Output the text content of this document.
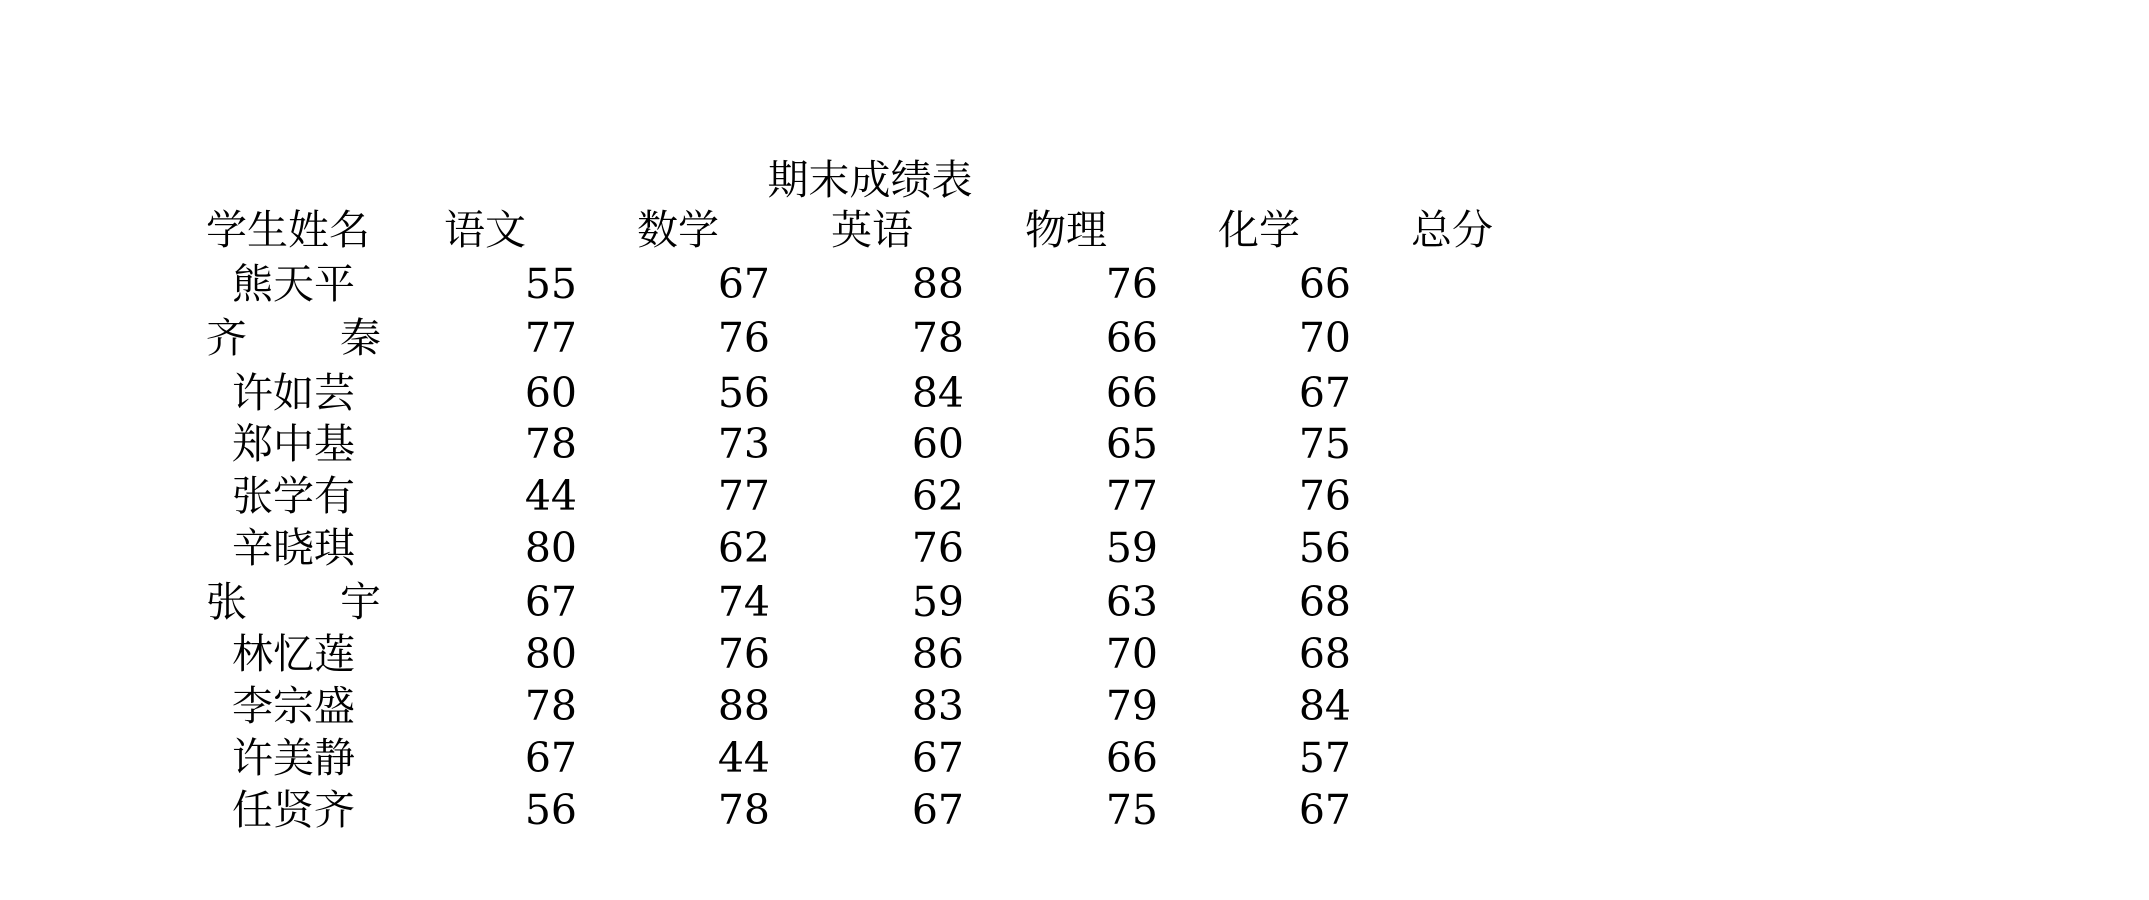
期末成绩表
学生姓名 语文	数学	英语	物理	化学	总分
熊天平	55	67	88	76	66
齐　　秦	77	76	78	66	70
许如芸	60	56	84	66	67
郑中基	78	73	60	65	75
张学有	44	77	62	77	76
辛晓琪	80	62	76	59	56
张　　宇	67	74	59	63	68
林忆莲	80	76	86	70	68
李宗盛	78	88	83	79	84
许美静	67	44	67	66	57
任贤齐	56	78	67	75	67
